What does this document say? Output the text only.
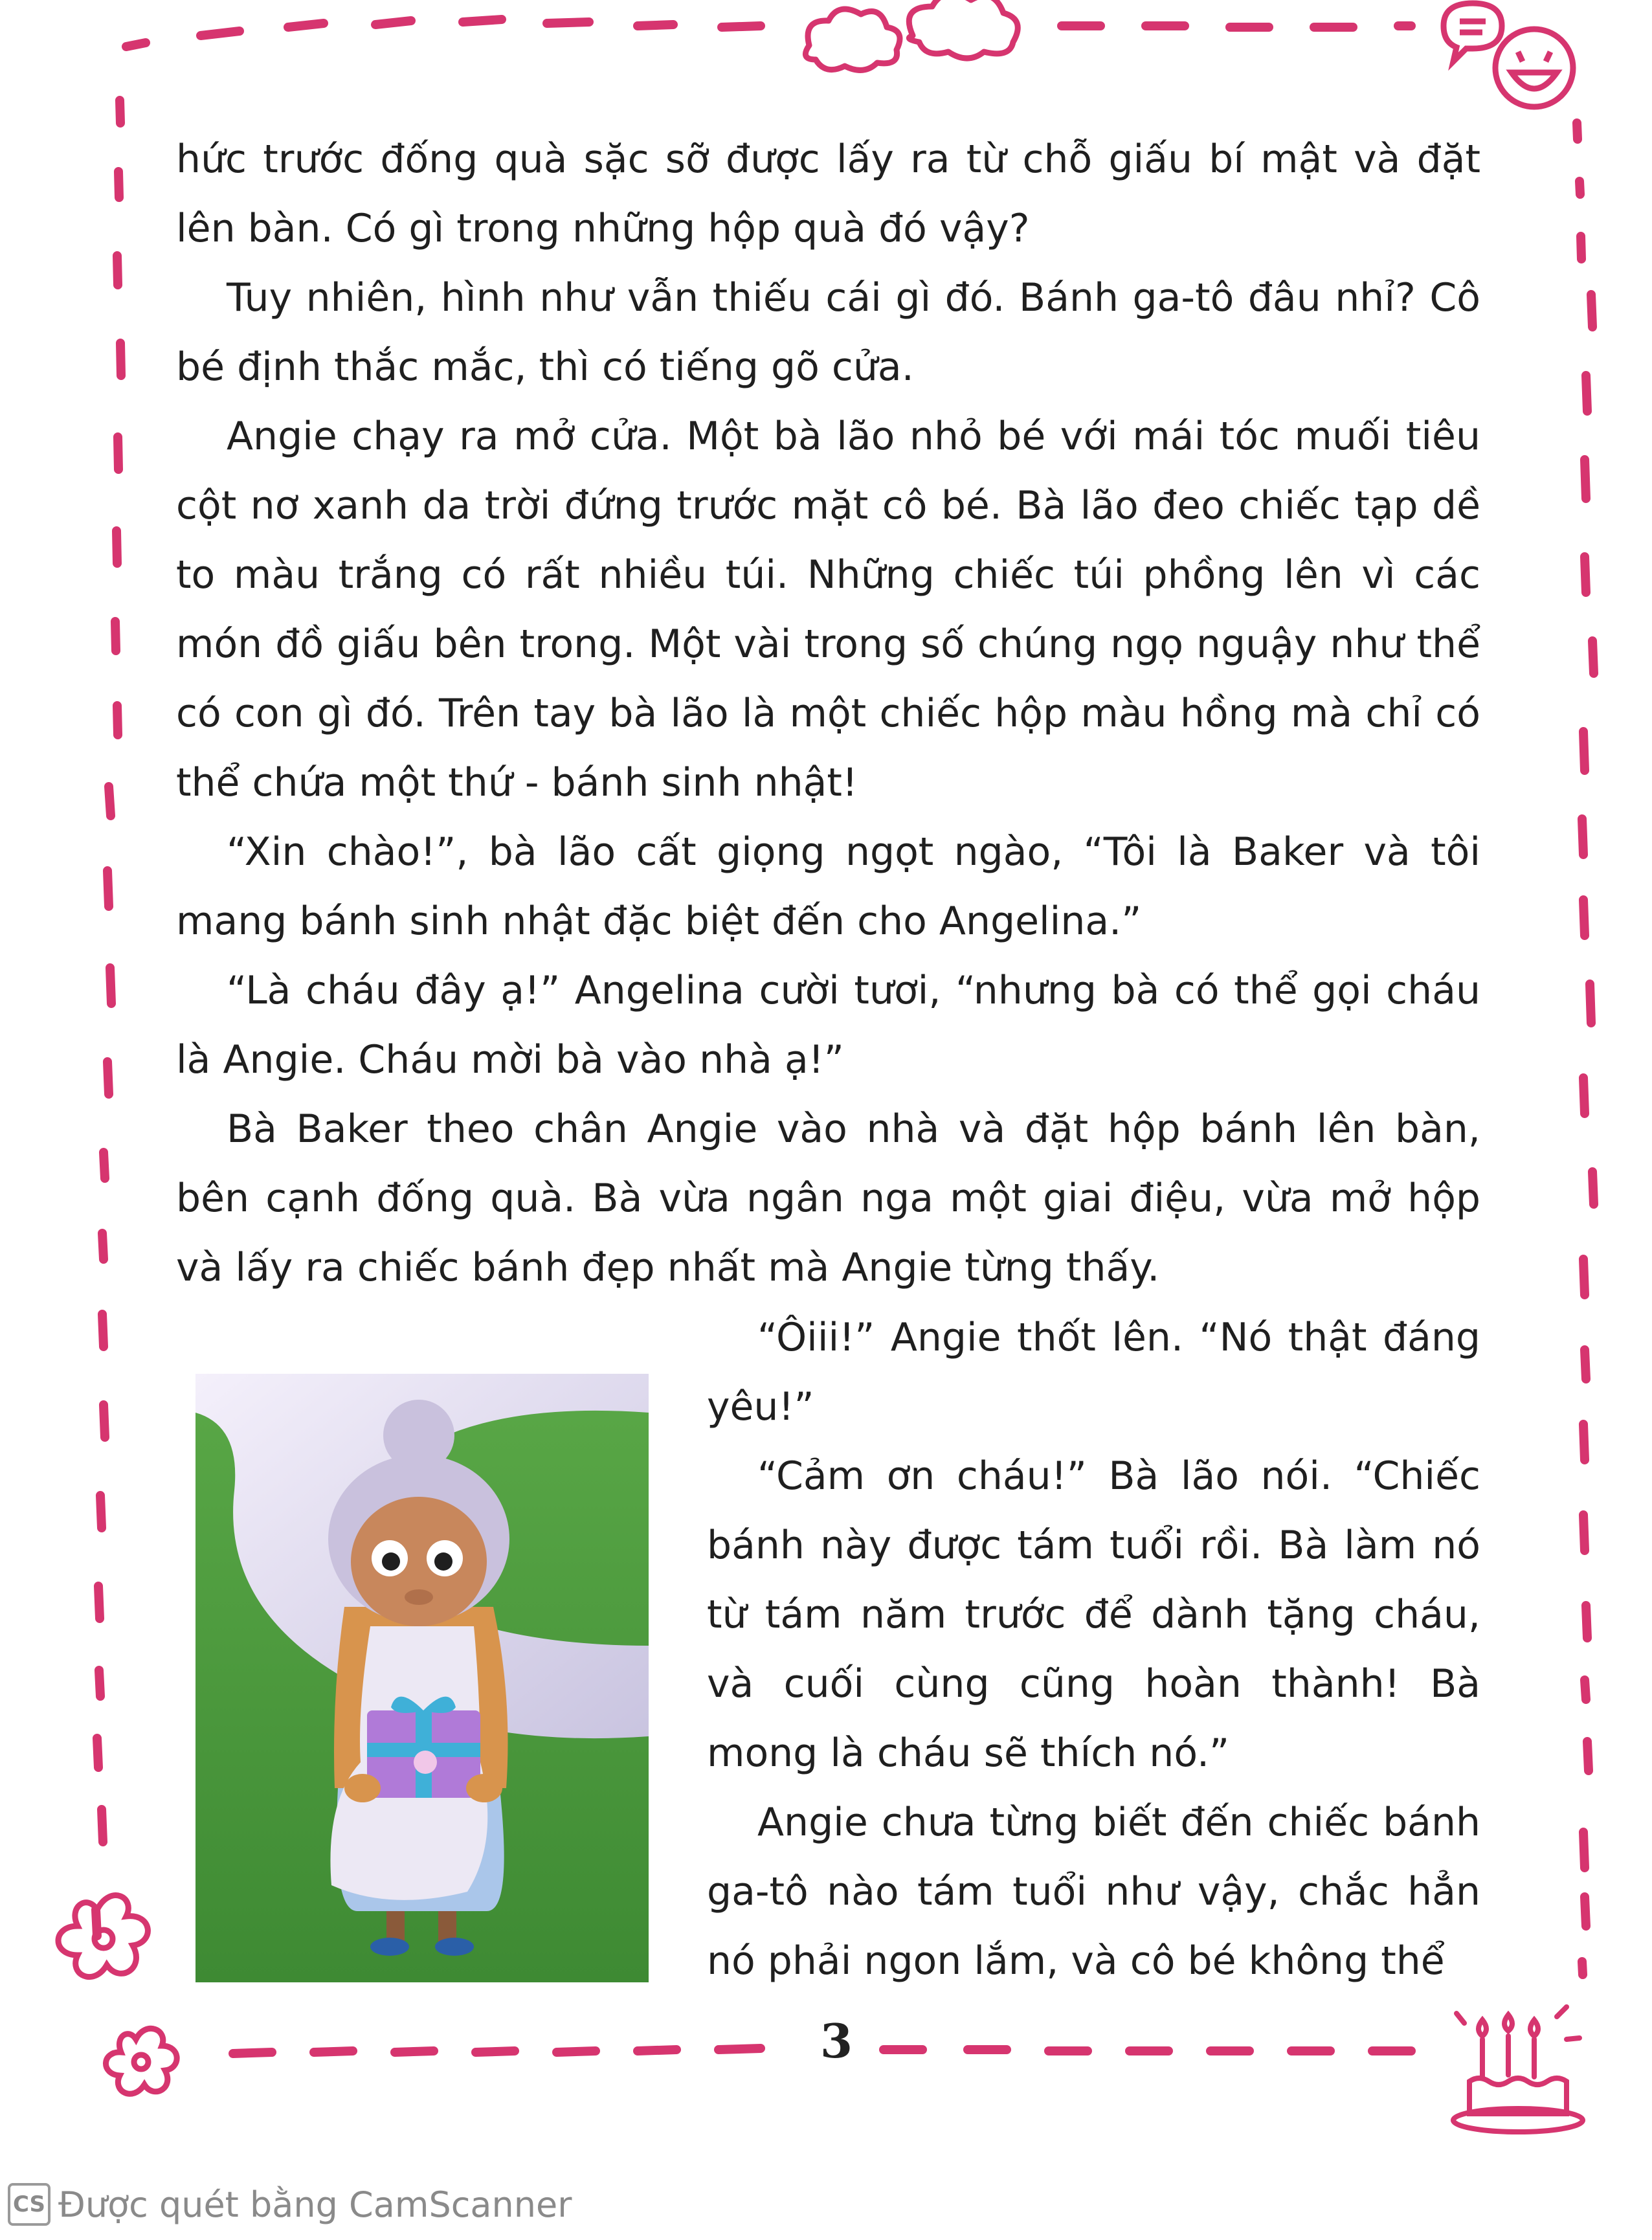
hức trước đống quà sặc sỡ được lấy ra từ chỗ giấu bí mật và đặt lên bàn. Có gì trong những hộp quà đó vậy?

Tuy nhiên, hình như vẫn thiếu cái gì đó. Bánh ga-tô đâu nhỉ? Cô bé định thắc mắc, thì có tiếng gõ cửa.

Angie chạy ra mở cửa. Một bà lão nhỏ bé với mái tóc muối tiêu cột nơ xanh da trời đứng trước mặt cô bé. Bà lão đeo chiếc tạp dề to màu trắng có rất nhiều túi. Những chiếc túi phồng lên vì các món đồ giấu bên trong. Một vài trong số chúng ngọ nguậy như thể có con gì đó. Trên tay bà lão là một chiếc hộp màu hồng mà chỉ có thể chứa một thứ - bánh sinh nhật!

“Xin chào!”, bà lão cất giọng ngọt ngào, “Tôi là Baker và tôi mang bánh sinh nhật đặc biệt đến cho Angelina.”

“Là cháu đây ạ!” Angelina cười tươi, “nhưng bà có thể gọi cháu là Angie. Cháu mời bà vào nhà ạ!”

Bà Baker theo chân Angie vào nhà và đặt hộp bánh lên bàn, bên cạnh đống quà. Bà vừa ngân nga một giai điệu, vừa mở hộp và lấy ra chiếc bánh đẹp nhất mà Angie từng thấy.

“Ôiii!” Angie thốt lên. “Nó thật đáng yêu!”

“Cảm ơn cháu!” Bà lão nói. “Chiếc bánh này được tám tuổi rồi. Bà làm nó từ tám năm trước để dành tặng cháu, và cuối cùng cũng hoàn thành! Bà mong là cháu sẽ thích nó.”

Angie chưa từng biết đến chiếc bánh ga-tô nào tám tuổi như vậy, chắc hẳn nó phải ngon lắm, và cô bé không thể

3
CS Được quét bằng CamScanner
